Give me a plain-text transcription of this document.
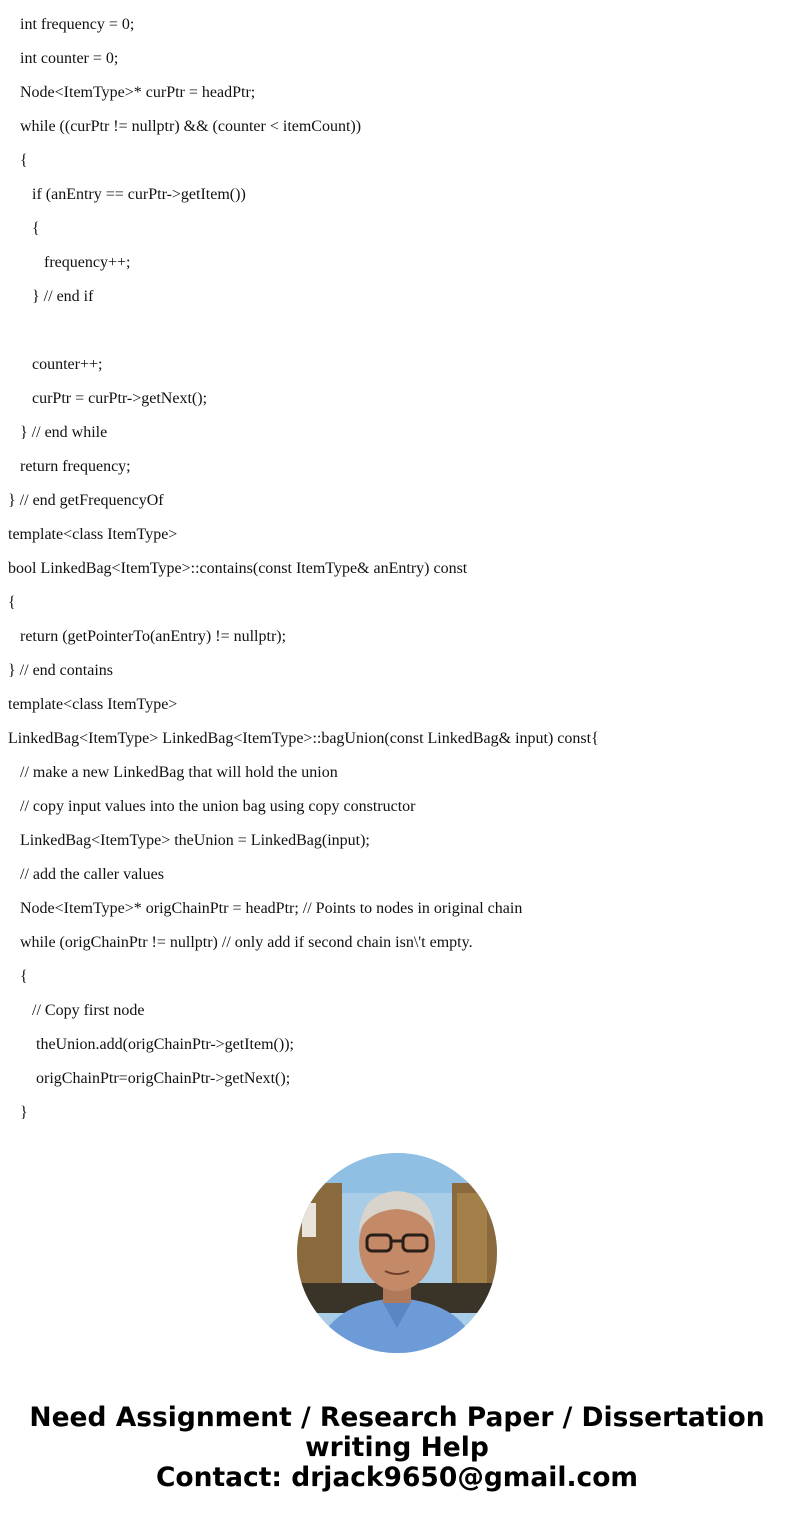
int frequency = 0;
int counter = 0;
Node<ItemType>* curPtr = headPtr;
while ((curPtr != nullptr) && (counter < itemCount))
{
if (anEntry == curPtr->getItem())
{
frequency++;
} // end if
counter++;
curPtr = curPtr->getNext();
} // end while
return frequency;
} // end getFrequencyOf
template<class ItemType>
bool LinkedBag<ItemType>::contains(const ItemType& anEntry) const
{
return (getPointerTo(anEntry) != nullptr);
} // end contains
template<class ItemType>
LinkedBag<ItemType> LinkedBag<ItemType>::bagUnion(const LinkedBag& input) const{
// make a new LinkedBag that will hold the union
// copy input values into the union bag using copy constructor
LinkedBag<ItemType> theUnion = LinkedBag(input);
// add the caller values
Node<ItemType>* origChainPtr = headPtr; // Points to nodes in original chain
while (origChainPtr != nullptr) // only add if second chain isn\'t empty.
{
// Copy first node
theUnion.add(origChainPtr->getItem());
origChainPtr=origChainPtr->getNext();
}
Need Assignment / Research Paper / Dissertation
writing Help
Contact: drjack9650@gmail.com
